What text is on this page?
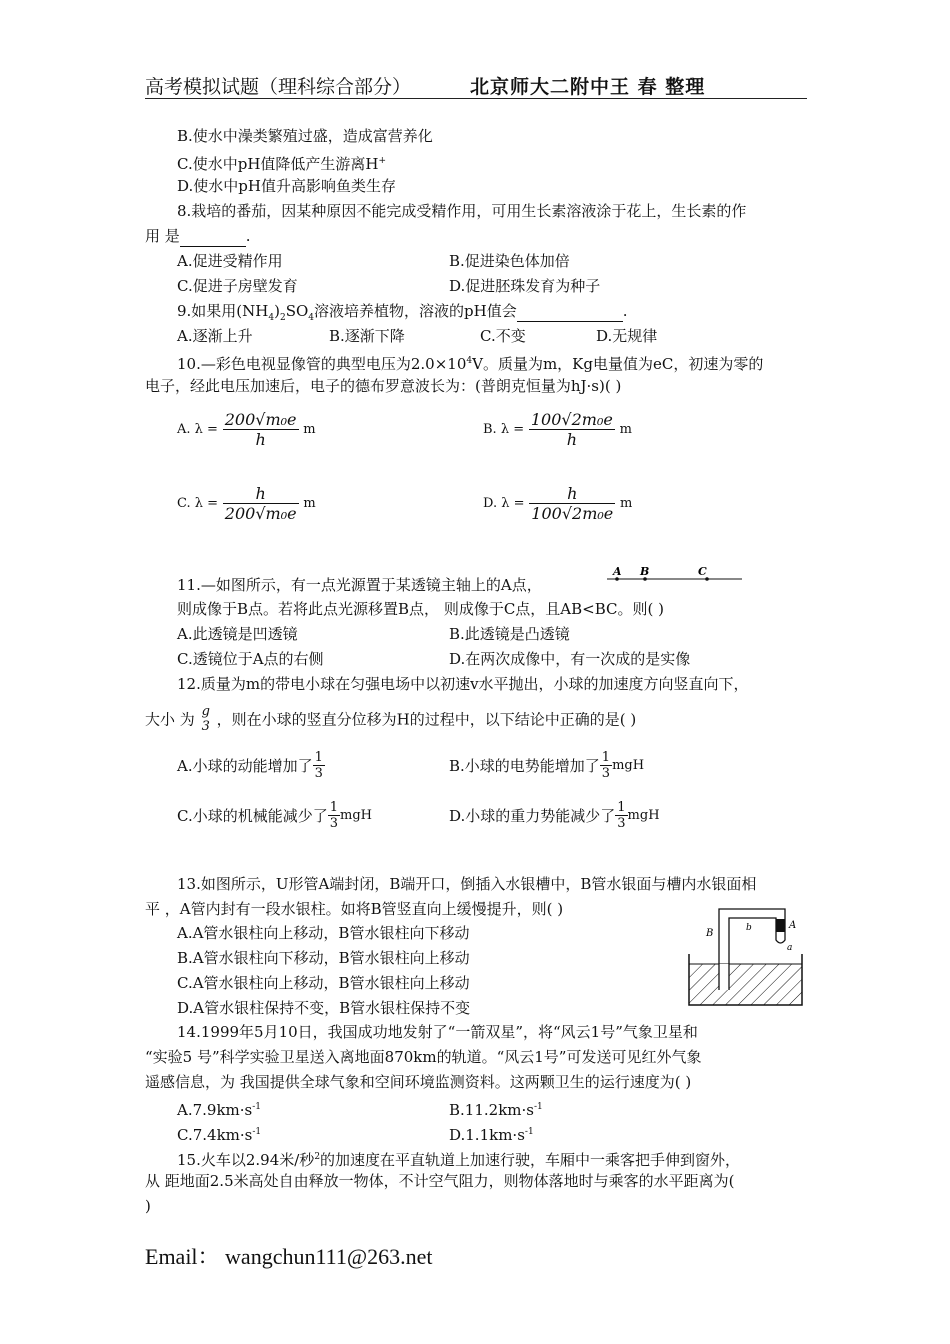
高考模拟试题（理科综合部分）	北京师大二附中王 春 整理
B.使水中澡类繁殖过盛，造成富营养化
C.使水中pH值降低产生游离H+
D.使水中pH值升高影响鱼类生存
8.栽培的番茄，因某种原因不能完成受精作用，可用生长素溶液涂于花上，生长素的作
用 是	.
A.促进受精作用	B.促进染色体加倍
C.促进子房壁发育	D.促进胚珠发育为种子
9.如果用$(NH_4)_2SO_4$溶液培养植物，溶液的pH值会	.
A.逐渐上升	B.逐渐下降	C.不变	D.无规律
10.—彩色电视显像管的典型电压为$2.0\times 10^4V$。质量为m，Kg电量值为eC，初速为零的
电子，经此电压加速后，电子的德布罗意波长为：(普朗克恒量为hJ·s)( )
A. $\lambda = \frac{\text{200√m₀e}}{h}$ m	B. $\lambda = \frac{\text{100√2m₀e}}{h}$ m
C. $\lambda = \frac{h}{\text{200√m₀e}}$ m	D. $\lambda = \frac{h}{\text{100√2m₀e}}$ m
11.—如图所示，有一点光源置于某透镜主轴上的A点，
A B	C
则成像于B点。若将此点光源移置B点， 则成像于C点，且AB<BC。则( )
A.此透镜是凹透镜	B.此透镜是凸透镜
C.透镜位于A点的右侧	D.在两次成像中，有一次成的是实像
12.质量为m的带电小球在匀强电场中以初速v水平抛出，小球的加速度方向竖直向下，
大小 为 g
3 ，则在小球的竖直分位移为H的过程中，以下结论中正确的是( )
A.小球的动能增加了 $\frac{1}{3}$	B.小球的电势能增加了 $\frac{1}{3}$ mgH
C.小球的机械能减少了 $\frac{1}{3}$ mgH	D.小球的重力势能减少了 $\frac{1}{3}$ mgH
13.如图所示，U形管A端封闭，B端开口，倒插入水银槽中，B管水银面与槽内水银面相
平 ，A管内封有一段水银柱。如将B管竖直向上缓慢提升，则( )
A.A管水银柱向上移动，B管水银柱向下移动
B.A管水银柱向下移动，B管水银柱向上移动
C.A管水银柱向上移动，B管水银柱向上移动
D.A管水银柱保持不变，B管水银柱保持不变
B	b	A
a
14.1999年5月10日，我国成功地发射了“一箭双星”，将“风云1号”气象卫星和
“实验5 号”科学实验卫星送入离地面870km的轨道。“风云1号”可发送可见红外气象
遥感信息，为 我国提供全球气象和空间环境监测资料。这两颗卫生的运行速度为( )
$A.7.9km\cdot s^{-1}$	$B.11.2km\cdot s^{-1}$
$C.7.4km\cdot s^{-1}$	$D.1.1km\cdot s^{-1}$
15.火车以2.94米/秒$^2$的加速度在平直轨道上加速行驶，车厢中一乘客把手伸到窗外，
从 距地面2.5米高处自由释放一物体，不计空气阻力，则物体落地时与乘客的水平距离为(
)
Email： wangchun111@263.net
